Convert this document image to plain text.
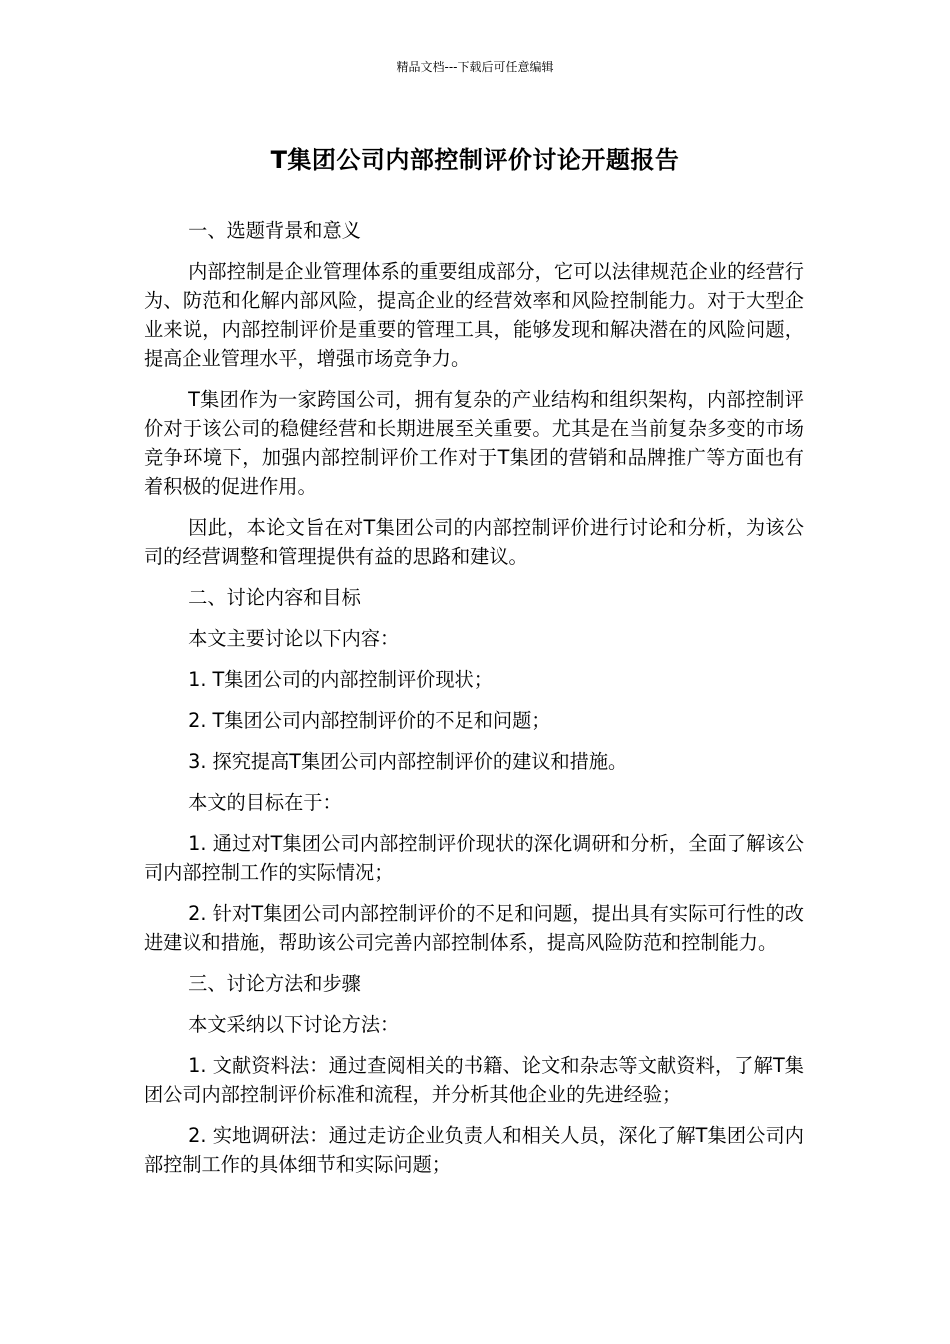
精品文档---下载后可任意编辑
T集团公司内部控制评价讨论开题报告

一、选题背景和意义

内部控制是企业管理体系的重要组成部分，它可以法律规范企业的经营行为、防范和化解内部风险，提高企业的经营效率和风险控制能力。对于大型企业来说，内部控制评价是重要的管理工具，能够发现和解决潜在的风险问题，提高企业管理水平，增强市场竞争力。

T集团作为一家跨国公司，拥有复杂的产业结构和组织架构，内部控制评价对于该公司的稳健经营和长期进展至关重要。尤其是在当前复杂多变的市场竞争环境下，加强内部控制评价工作对于T集团的营销和品牌推广等方面也有着积极的促进作用。

因此，本论文旨在对T集团公司的内部控制评价进行讨论和分析，为该公司的经营调整和管理提供有益的思路和建议。

二、讨论内容和目标

本文主要讨论以下内容：

1. T集团公司的内部控制评价现状；

2. T集团公司内部控制评价的不足和问题；

3. 探究提高T集团公司内部控制评价的建议和措施。

本文的目标在于：

1. 通过对T集团公司内部控制评价现状的深化调研和分析，全面了解该公司内部控制工作的实际情况；

2. 针对T集团公司内部控制评价的不足和问题，提出具有实际可行性的改进建议和措施，帮助该公司完善内部控制体系，提高风险防范和控制能力。

三、讨论方法和步骤

本文采纳以下讨论方法：

1. 文献资料法：通过查阅相关的书籍、论文和杂志等文献资料，了解T集团公司内部控制评价标准和流程，并分析其他企业的先进经验；

2. 实地调研法：通过走访企业负责人和相关人员，深化了解T集团公司内部控制工作的具体细节和实际问题；
